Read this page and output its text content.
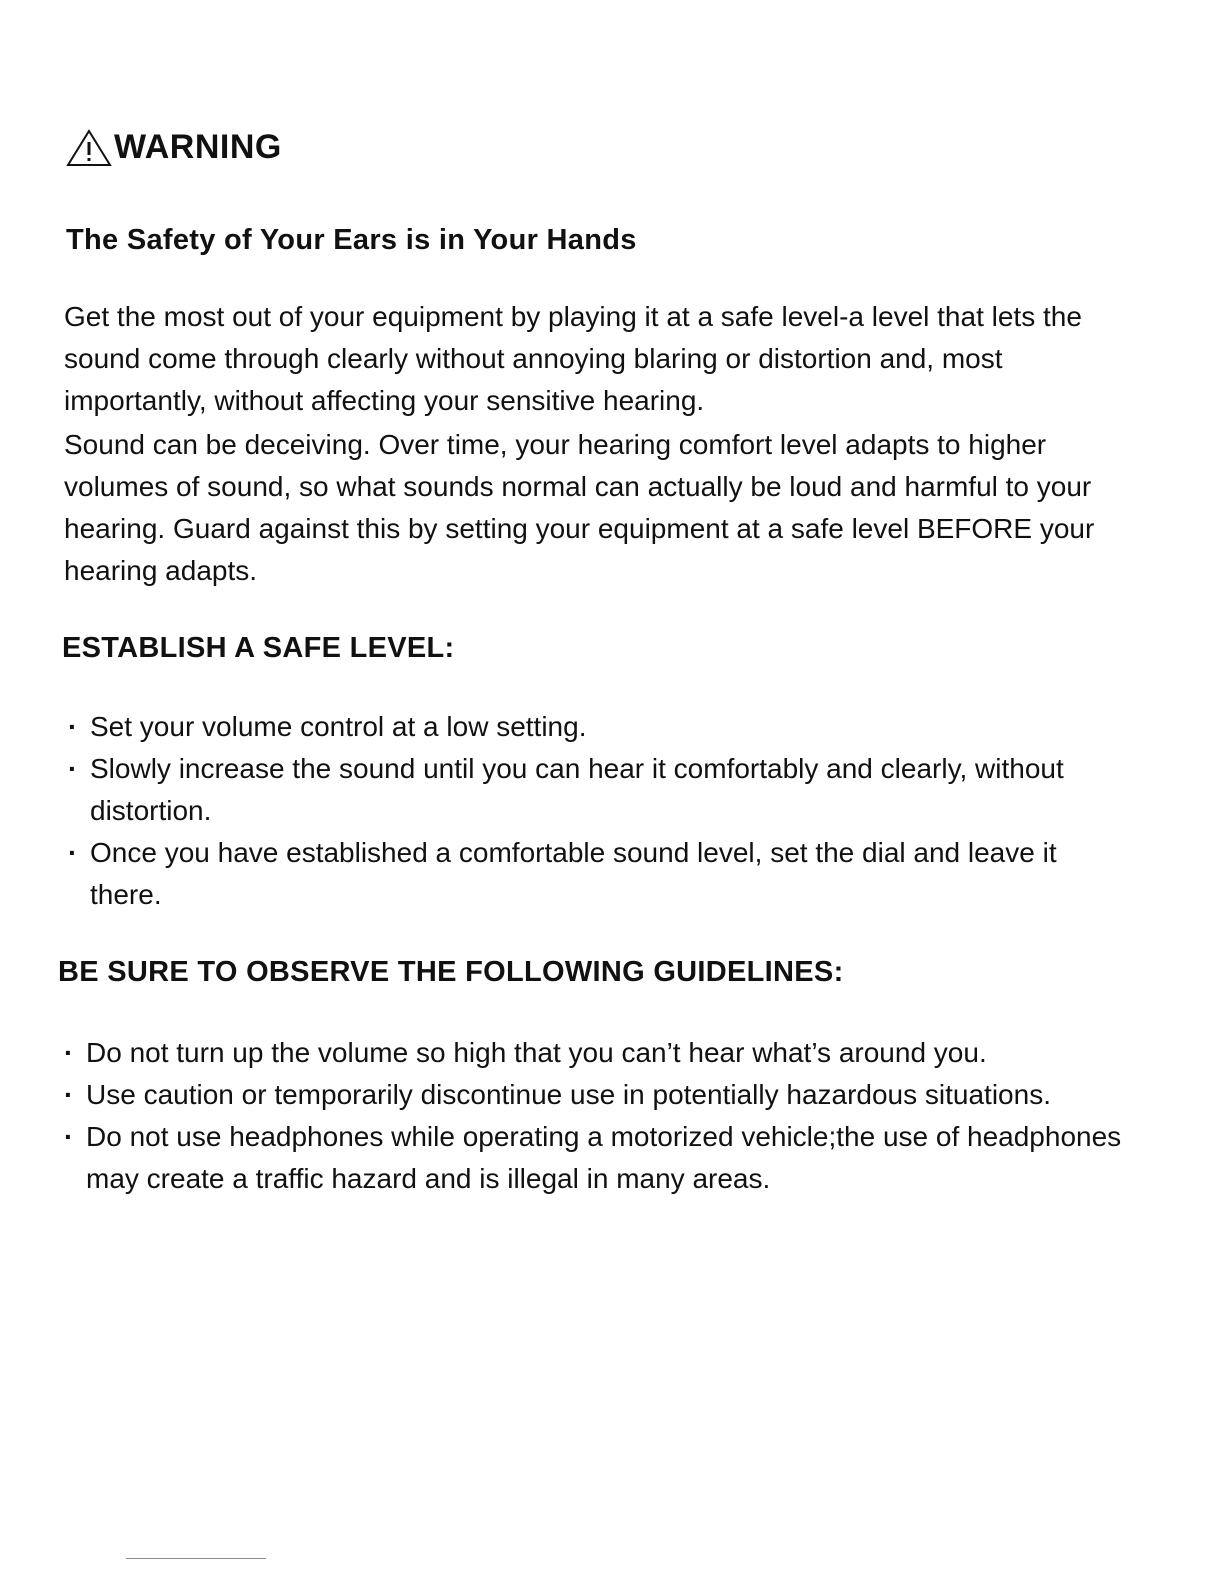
WARNING
The Safety of Your Ears is in Your Hands

Get the most out of your equipment by playing it at a safe level-a level that lets the sound come through clearly without annoying blaring or distortion and, most importantly, without affecting your sensitive hearing.

Sound can be deceiving. Over time, your hearing comfort level adapts to higher volumes of sound, so what sounds normal can actually be loud and harmful to your hearing. Guard against this by setting your equipment at a safe level BEFORE your hearing adapts.

ESTABLISH A SAFE LEVEL:
· Set your volume control at a low setting.
· Slowly increase the sound until you can hear it comfortably and clearly, without distortion.
· Once you have established a comfortable sound level, set the dial and leave it there.
BE SURE TO OBSERVE THE FOLLOWING GUIDELINES:
· Do not turn up the volume so high that you can’t hear what’s around you.
· Use caution or temporarily discontinue use in potentially hazardous situations.
· Do not use headphones while operating a motorized vehicle;the use of headphones may create a traffic hazard and is illegal in many areas.
